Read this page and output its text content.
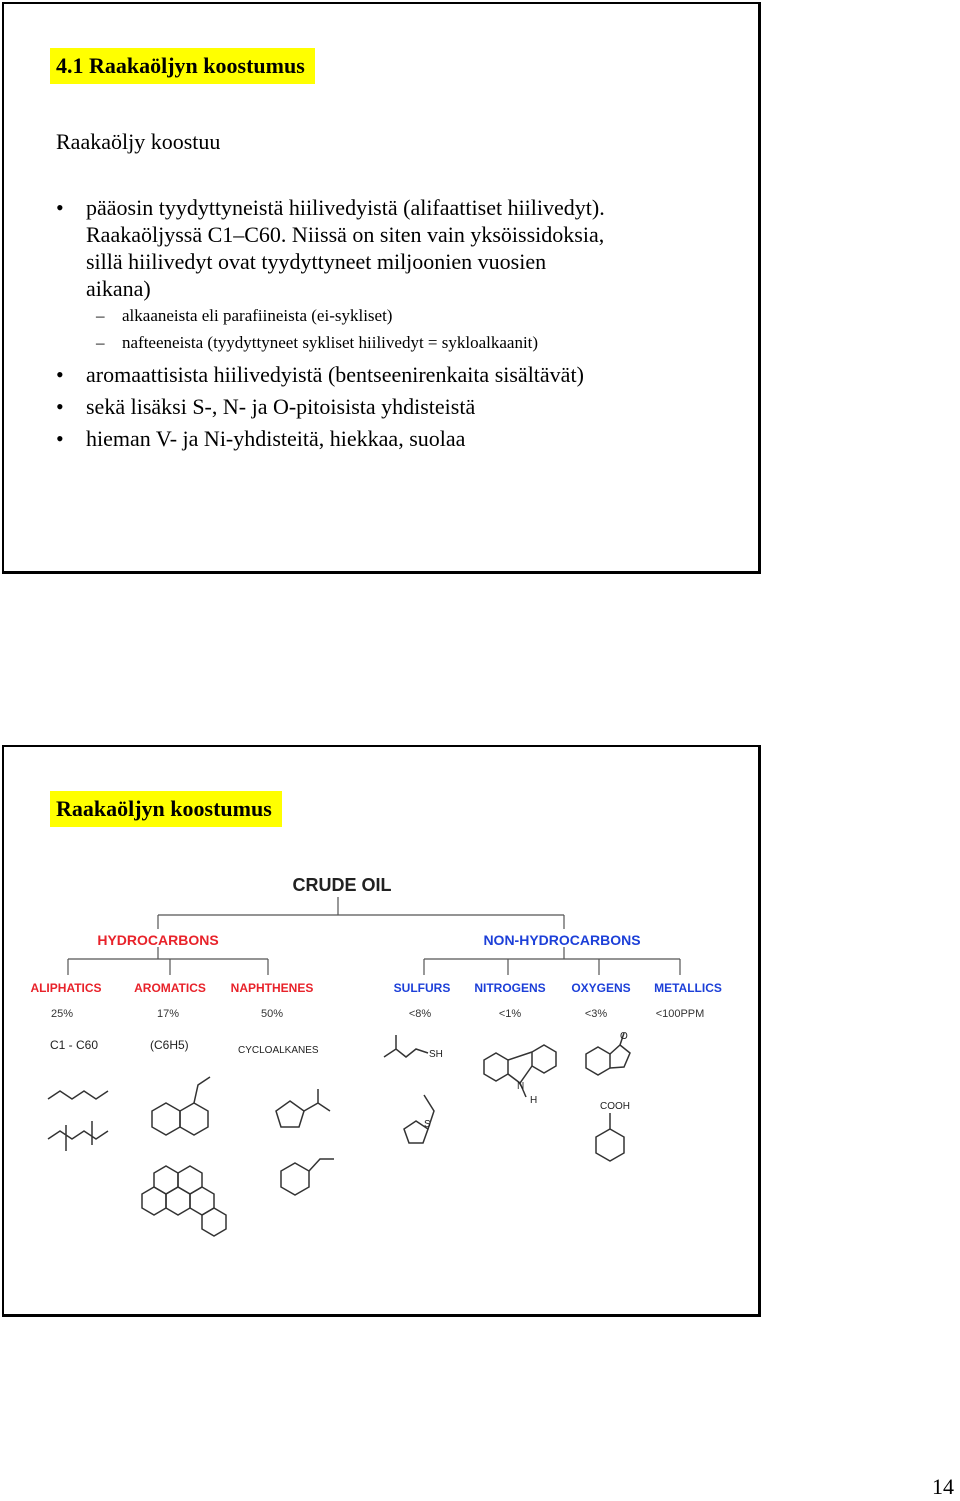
4.1 Raakaöljyn koostumus
Raakaöljy koostuu
• pääosin tyydyttyneistä hiilivedyistä (alifaattiset hiilivedyt).
Raakaöljyssä C1–C60. Niissä on siten vain yksöissidoksia,
sillä hiilivedyt ovat tyydyttyneet miljoonien vuosien
aikana)
– alkaaneista eli parafiineista (ei-sykliset)
– nafteeneista (tyydyttyneet sykliset hiilivedyt = sykloalkaanit)
• aromaattisista hiilivedyistä (bentseenirenkaita sisältävät)
• sekä lisäksi S-, N- ja O-pitoisista yhdisteistä
• hieman V- ja Ni-yhdisteitä, hiekkaa, suolaa
Raakaöljyn koostumus
CRUDE OIL
HYDROCARBONS	NON-HYDROCARBONS
ALIPHATICS	AROMATICS NAPHTHENES	SULFURS NITROGENS OXYGENS METALLICS
25%	17%	50%	<8%	<1%	<3%	<100PPM
C1 - C60	(C6H5)	CYCLOALKANES	SH
S
N
H
O
COOH
14
